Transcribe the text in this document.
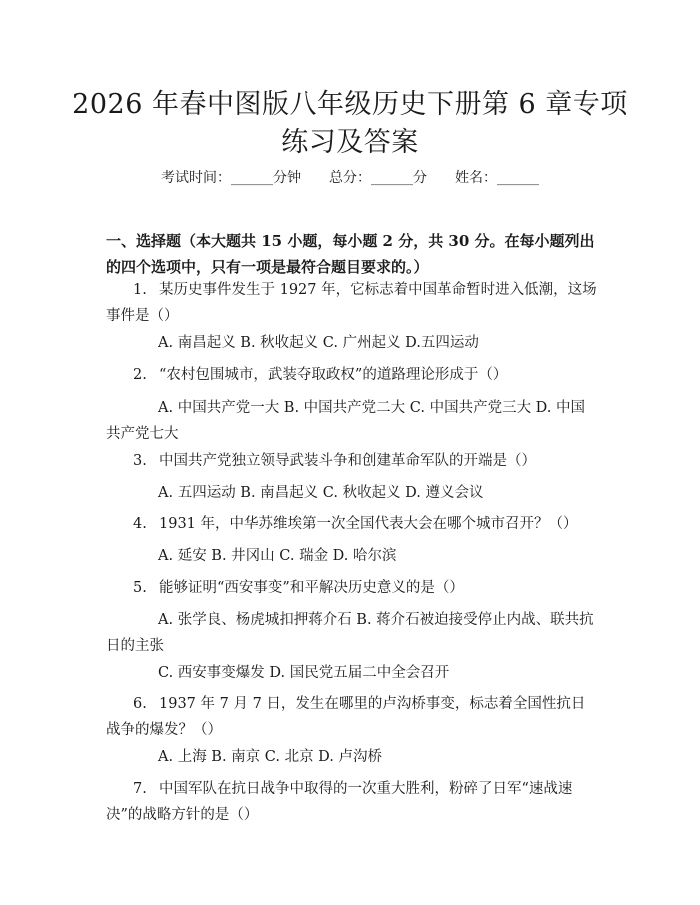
2026 年春中图版八年级历史下册第 6 章专项
练习及答案
考试时间：______分钟 总分：______分 姓名：______
一、选择题（本大题共 15 小题，每小题 2 分，共 30 分。在每小题列出的四个选项中，只有一项是最符合题目要求的。）
1. 某历史事件发生于 1927 年，它标志着中国革命暂时进入低潮，这场事件是（）
A. 南昌起义 B. 秋收起义 C. 广州起义 D.五四运动
2. “农村包围城市，武装夺取政权”的道路理论形成于（）
A. 中国共产党一大 B. 中国共产党二大 C. 中国共产党三大 D. 中国共产党七大
3. 中国共产党独立领导武装斗争和创建革命军队的开端是（）
A. 五四运动 B. 南昌起义 C. 秋收起义 D. 遵义会议
4. 1931 年，中华苏维埃第一次全国代表大会在哪个城市召开？（）
A. 延安 B. 井冈山 C. 瑞金 D. 哈尔滨
5. 能够证明“西安事变”和平解决历史意义的是（）
A. 张学良、杨虎城扣押蒋介石 B. 蒋介石被迫接受停止内战、联共抗日的主张
C. 西安事变爆发 D. 国民党五届二中全会召开
6. 1937 年 7 月 7 日，发生在哪里的卢沟桥事变，标志着全国性抗日战争的爆发？（）
A. 上海 B. 南京 C. 北京 D. 卢沟桥
7. 中国军队在抗日战争中取得的一次重大胜利，粉碎了日军“速战速决”的战略方针的是（）
